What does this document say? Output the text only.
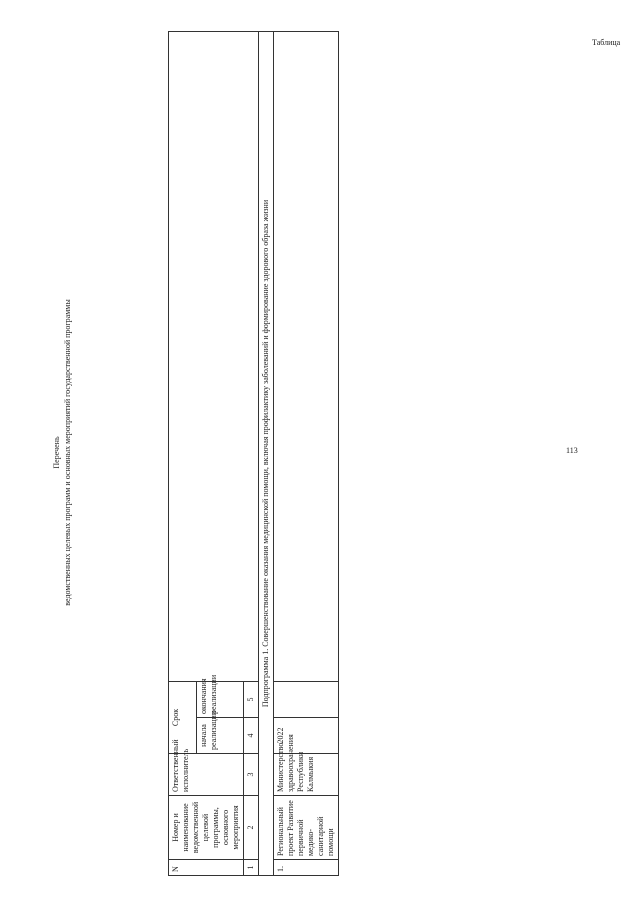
Таблица
113
Перечень ведомственных целевых программ и основных мероприятий государственной программы
N	Номер и наименование ведомственной целевой программы, основного мероприятия	Ответственный исполнитель	Срок		
			начала реализации	окончания реализации	
1	2	3	4	5	
Подпрограмма 1. Совершенствование оказания медицинской помощи, включая профилактику заболеваний и формирование здорового образа жизни					
1.	Региональный проект Развитие первичной медико-санитарной помощи	Министерство здравоохранения Республики Калмыкия	2022		
